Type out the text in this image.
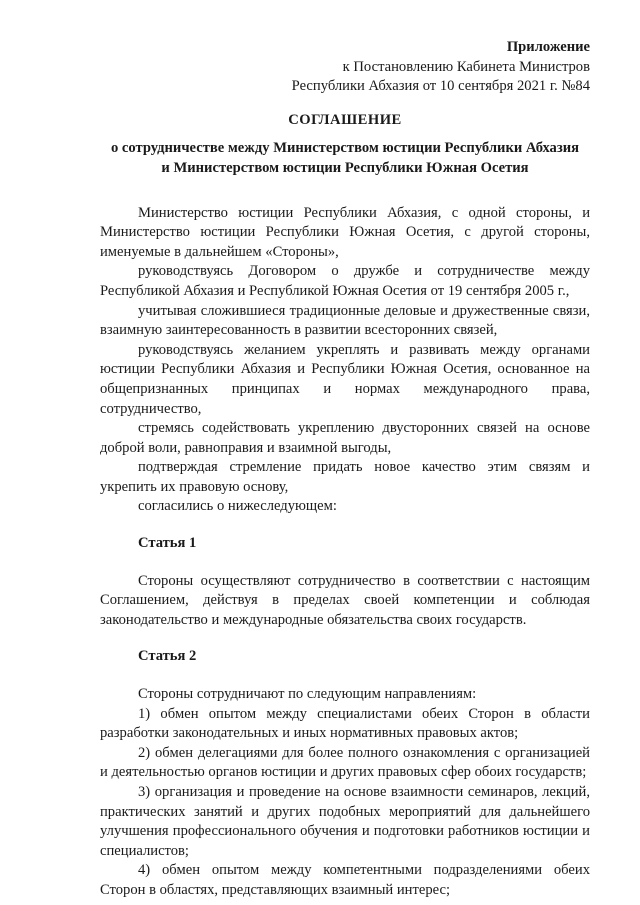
Приложение
к Постановлению Кабинета Министров
Республики Абхазия от 10 сентября 2021 г. №84
СОГЛАШЕНИЕ
о сотрудничестве между Министерством юстиции Республики Абхазия
и Министерством юстиции Республики Южная Осетия

Министерство юстиции Республики Абхазия, с одной стороны, и Министерство юстиции Республики Южная Осетия, с другой стороны, именуемые в дальнейшем «Стороны»,

руководствуясь Договором о дружбе и сотрудничестве между Республикой Абхазия и Республикой Южная Осетия от 19 сентября 2005 г.,

учитывая сложившиеся традиционные деловые и дружественные связи, взаимную заинтересованность в развитии всесторонних связей,

руководствуясь желанием укреплять и развивать между органами юстиции Республики Абхазия и Республики Южная Осетия, основанное на общепризнанных принципах и нормах международного права, сотрудничество,

стремясь содействовать укреплению двусторонних связей на основе доброй воли, равноправия и взаимной выгоды,

подтверждая стремление придать новое качество этим связям и укрепить их правовую основу,

согласились о нижеследующем:

Статья 1

Стороны осуществляют сотрудничество в соответствии с настоящим Соглашением, действуя в пределах своей компетенции и соблюдая законодательство и международные обязательства своих государств.

Статья 2

Стороны сотрудничают по следующим направлениям:

1) обмен опытом между специалистами обеих Сторон в области разработки законодательных и иных нормативных правовых актов;

2) обмен делегациями для более полного ознакомления с организацией и деятельностью органов юстиции и других правовых сфер обоих государств;

3) организация и проведение на основе взаимности семинаров, лекций, практических занятий и других подобных мероприятий для дальнейшего улучшения профессионального обучения и подготовки работников юстиции и специалистов;

4) обмен опытом между компетентными подразделениями обеих Сторон в областях, представляющих взаимный интерес;
